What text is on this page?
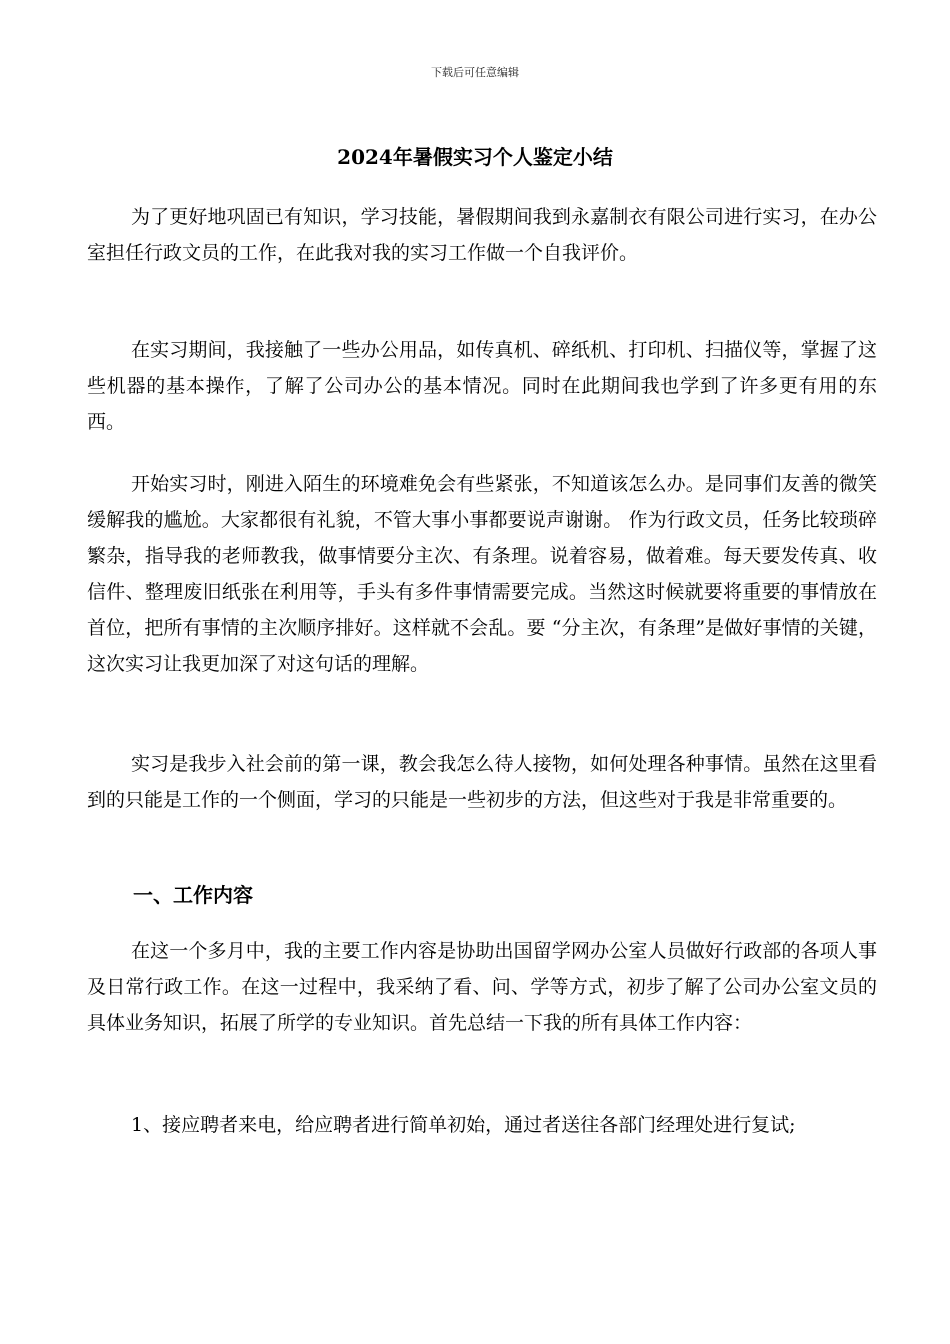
下载后可任意编辑
2024年暑假实习个人鉴定小结

为了更好地巩固已有知识，学习技能，暑假期间我到永嘉制衣有限公司进行实习，在办公室担任行政文员的工作，在此我对我的实习工作做一个自我评价。

在实习期间，我接触了一些办公用品，如传真机、碎纸机、打印机、扫描仪等，掌握了这些机器的基本操作，了解了公司办公的基本情况。同时在此期间我也学到了许多更有用的东西。

开始实习时，刚进入陌生的环境难免会有些紧张，不知道该怎么办。是同事们友善的微笑缓解我的尴尬。大家都很有礼貌，不管大事小事都要说声谢谢。 作为行政文员，任务比较琐碎繁杂，指导我的老师教我，做事情要分主次、有条理。说着容易，做着难。每天要发传真、收信件、整理废旧纸张在利用等，手头有多件事情需要完成。当然这时候就要将重要的事情放在首位，把所有事情的主次顺序排好。这样就不会乱。要 “分主次，有条理”是做好事情的关键，这次实习让我更加深了对这句话的理解。

实习是我步入社会前的第一课，教会我怎么待人接物，如何处理各种事情。虽然在这里看到的只能是工作的一个侧面，学习的只能是一些初步的方法，但这些对于我是非常重要的。

一、工作内容

在这一个多月中，我的主要工作内容是协助出国留学网办公室人员做好行政部的各项人事及日常行政工作。在这一过程中，我采纳了看、问、学等方式，初步了解了公司办公室文员的具体业务知识，拓展了所学的专业知识。首先总结一下我的所有具体工作内容：

1、接应聘者来电，给应聘者进行简单初始，通过者送往各部门经理处进行复试;
